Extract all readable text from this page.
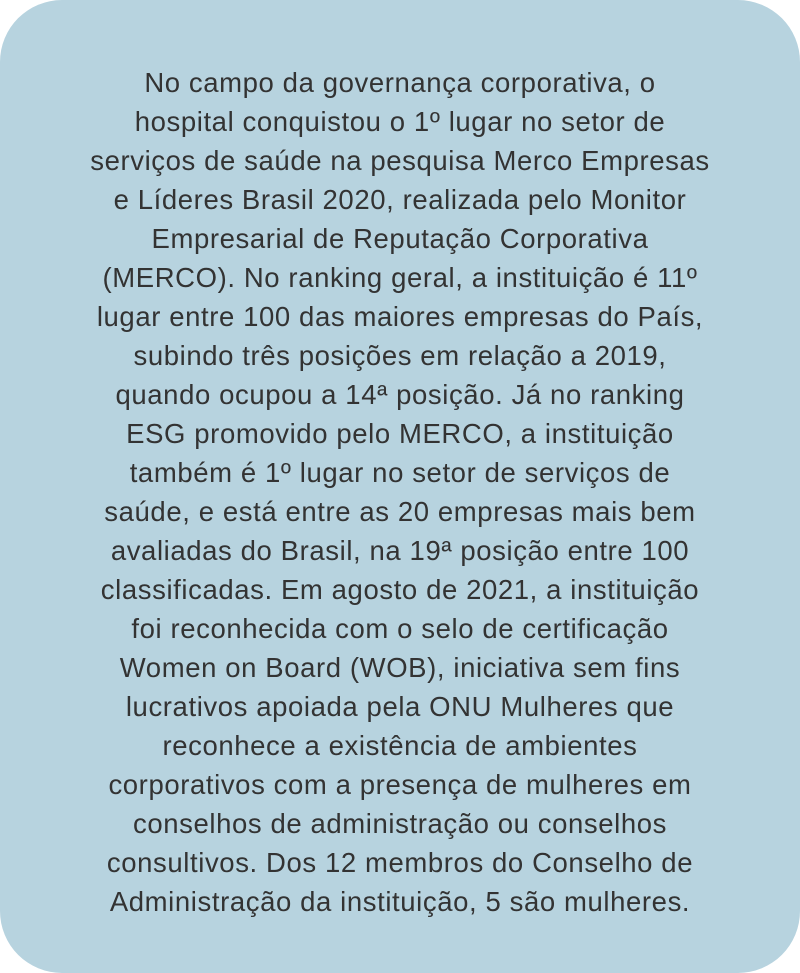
No campo da governança corporativa, o
hospital conquistou o 1º lugar no setor de
serviços de saúde na pesquisa Merco Empresas
e Líderes Brasil 2020, realizada pelo Monitor
Empresarial de Reputação Corporativa
(MERCO). No ranking geral, a instituição é 11º
lugar entre 100 das maiores empresas do País,
subindo três posições em relação a 2019,
quando ocupou a 14ª posição. Já no ranking
ESG promovido pelo MERCO, a instituição
também é 1º lugar no setor de serviços de
saúde, e está entre as 20 empresas mais bem
avaliadas do Brasil, na 19ª posição entre 100
classificadas. Em agosto de 2021, a instituição
foi reconhecida com o selo de certificação
Women on Board (WOB), iniciativa sem fins
lucrativos apoiada pela ONU Mulheres que
reconhece a existência de ambientes
corporativos com a presença de mulheres em
conselhos de administração ou conselhos
consultivos. Dos 12 membros do Conselho de
Administração da instituição, 5 são mulheres.
